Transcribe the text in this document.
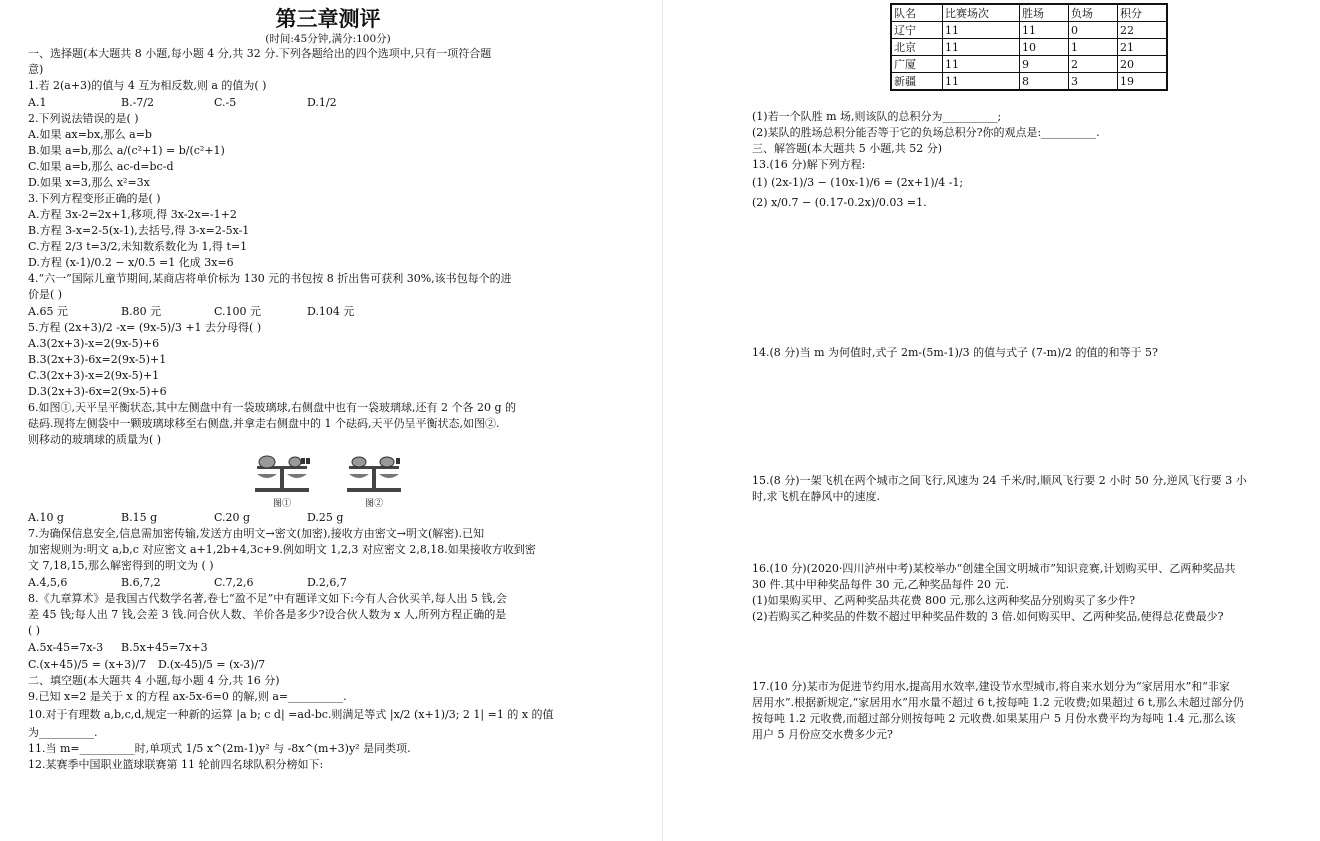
第三章测评
(时间:45分钟,满分:100分)
一、选择题(本大题共 8 小题,每小题 4 分,共 32 分.下列各题给出的四个选项中,只有一项符合题
意)
1.若 2(a+3)的值与 4 互为相反数,则 a 的值为( )
A.1	B.-7/2	C.-5	D.1/2
2.下列说法错误的是( )
A.如果 ax=bx,那么 a=b
B.如果 a=b,那么 a/(c²+1) = b/(c²+1)
C.如果 a=b,那么 ac-d=bc-d
D.如果 x=3,那么 x²=3x
3.下列方程变形正确的是( )
A.方程 3x-2=2x+1,移项,得 3x-2x=-1+2
B.方程 3-x=2-5(x-1),去括号,得 3-x=2-5x-1
C.方程 2/3 t=3/2,未知数系数化为 1,得 t=1
D.方程 (x-1)/0.2 − x/0.5 =1 化成 3x=6
4.“六一”国际儿童节期间,某商店将单价标为 130 元的书包按 8 折出售可获利 30%,该书包每个的进
价是( )
A.65 元	B.80 元	C.100 元	D.104 元
5.方程 (2x+3)/2 -x= (9x-5)/3 +1 去分母得( )
A.3(2x+3)-x=2(9x-5)+6
B.3(2x+3)-6x=2(9x-5)+1
C.3(2x+3)-x=2(9x-5)+1
D.3(2x+3)-6x=2(9x-5)+6
6.如图①,天平呈平衡状态,其中左侧盘中有一袋玻璃球,右侧盘中也有一袋玻璃球,还有 2 个各 20 g 的
砝码.现将左侧袋中一颗玻璃球移至右侧盘,并拿走右侧盘中的 1 个砝码,天平仍呈平衡状态,如图②.
则移动的玻璃球的质量为( )
图①	图②
A.10 g	B.15 g	C.20 g	D.25 g
7.为确保信息安全,信息需加密传输,发送方由明文→密文(加密),接收方由密文→明文(解密).已知
加密规则为:明文 a,b,c 对应密文 a+1,2b+4,3c+9.例如明文 1,2,3 对应密文 2,8,18.如果接收方收到密
文 7,18,15,那么解密得到的明文为 ( )
A.4,5,6	B.6,7,2	C.7,2,6	D.2,6,7
8.《九章算术》是我国古代数学名著,卷七“盈不足”中有题译文如下:今有人合伙买羊,每人出 5 钱,会
差 45 钱;每人出 7 钱,会差 3 钱.问合伙人数、羊价各是多少?设合伙人数为 x 人,所列方程正确的是
( )
A.5x-45=7x-3	B.5x+45=7x+3
C.(x+45)/5 = (x+3)/7	D.(x-45)/5 = (x-3)/7
二、填空题(本大题共 4 小题,每小题 4 分,共 16 分)
9.已知 x=2 是关于 x 的方程 ax-5x-6=0 的解,则 a=__________.
10.对于有理数 a,b,c,d,规定一种新的运算 |a b; c d| =ad-bc.则满足等式 |x/2 (x+1)/3; 2 1| =1 的 x 的值
为__________.
11.当 m=__________时,单项式 1/5 x^(2m-1)y² 与 -8x^(m+3)y² 是同类项.
12.某赛季中国职业篮球联赛第 11 轮前四名球队积分榜如下:
队名	比赛场次	胜场	负场	积分
辽宁	11	11	0	22
北京	11	10	1	21
广厦	11	9	2	20
新疆	11	8	3	19
(1)若一个队胜 m 场,则该队的总积分为__________;
(2)某队的胜场总积分能否等于它的负场总积分?你的观点是:__________.
三、解答题(本大题共 5 小题,共 52 分)
13.(16 分)解下列方程:
(1) (2x-1)/3 − (10x-1)/6 = (2x+1)/4 -1;
(2) x/0.7 − (0.17-0.2x)/0.03 =1.
14.(8 分)当 m 为何值时,式子 2m-(5m-1)/3 的值与式子 (7-m)/2 的值的和等于 5?
15.(8 分)一架飞机在两个城市之间飞行,风速为 24 千米/时,顺风飞行要 2 小时 50 分,逆风飞行要 3 小
时,求飞机在静风中的速度.
16.(10 分)(2020·四川泸州中考)某校举办“创建全国文明城市”知识竞赛,计划购买甲、乙两种奖品共
30 件.其中甲种奖品每件 30 元,乙种奖品每件 20 元.
(1)如果购买甲、乙两种奖品共花费 800 元,那么这两种奖品分别购买了多少件?
(2)若购买乙种奖品的件数不超过甲种奖品件数的 3 倍.如何购买甲、乙两种奖品,使得总花费最少?
17.(10 分)某市为促进节约用水,提高用水效率,建设节水型城市,将自来水划分为“家居用水”和“非家
居用水”.根据新规定,“家居用水”用水量不超过 6 t,按每吨 1.2 元收费;如果超过 6 t,那么未超过部分仍
按每吨 1.2 元收费,而超过部分则按每吨 2 元收费.如果某用户 5 月份水费平均为每吨 1.4 元,那么该
用户 5 月份应交水费多少元?
